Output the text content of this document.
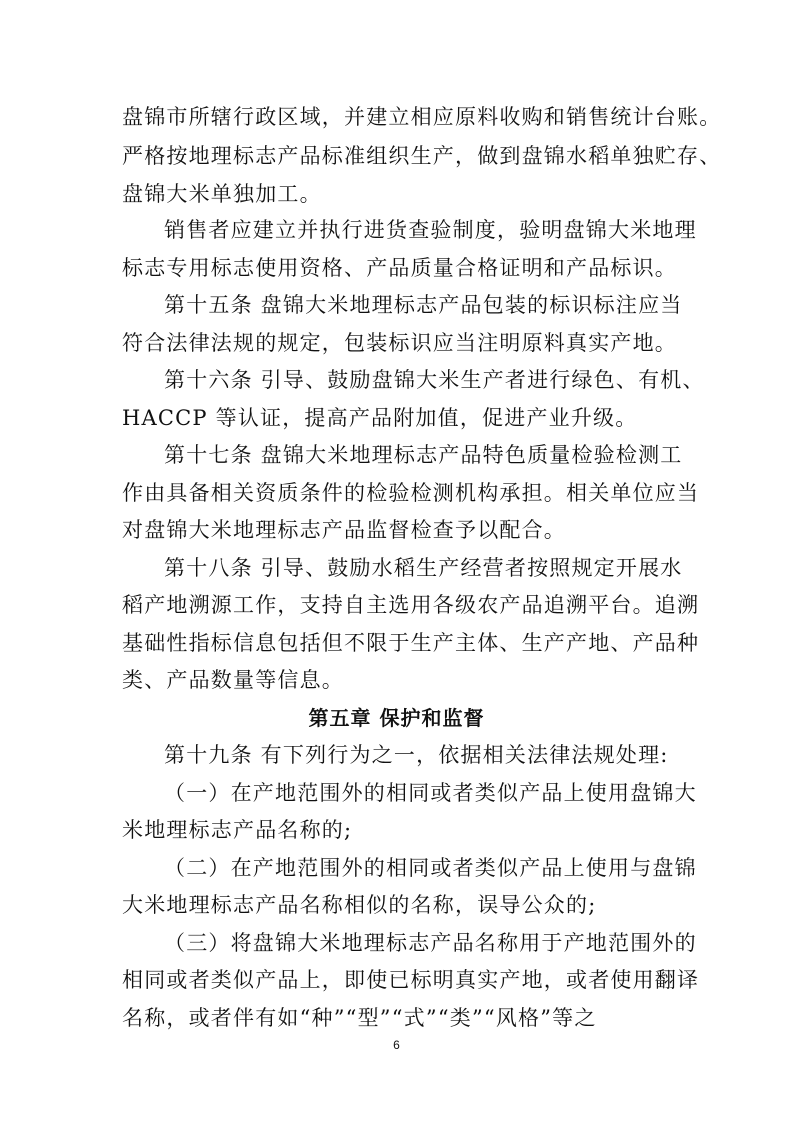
盘锦市所辖行政区域，并建立相应原料收购和销售统计台账。
严格按地理标志产品标准组织生产，做到盘锦水稻单独贮存、
盘锦大米单独加工。
销售者应建立并执行进货查验制度，验明盘锦大米地理
标志专用标志使用资格、产品质量合格证明和产品标识。
第十五条 盘锦大米地理标志产品包装的标识标注应当
符合法律法规的规定，包装标识应当注明原料真实产地。
第十六条 引导、鼓励盘锦大米生产者进行绿色、有机、
HACCP 等认证，提高产品附加值，促进产业升级。
第十七条 盘锦大米地理标志产品特色质量检验检测工
作由具备相关资质条件的检验检测机构承担。相关单位应当
对盘锦大米地理标志产品监督检查予以配合。
第十八条 引导、鼓励水稻生产经营者按照规定开展水
稻产地溯源工作，支持自主选用各级农产品追溯平台。追溯
基础性指标信息包括但不限于生产主体、生产产地、产品种
类、产品数量等信息。
第五章 保护和监督
第十九条 有下列行为之一，依据相关法律法规处理:
（一）在产地范围外的相同或者类似产品上使用盘锦大
米地理标志产品名称的;
（二）在产地范围外的相同或者类似产品上使用与盘锦
大米地理标志产品名称相似的名称，误导公众的;
（三）将盘锦大米地理标志产品名称用于产地范围外的
相同或者类似产品上，即使已标明真实产地，或者使用翻译
名称，或者伴有如“种”“型”“式”“类”“风格”等之
6
